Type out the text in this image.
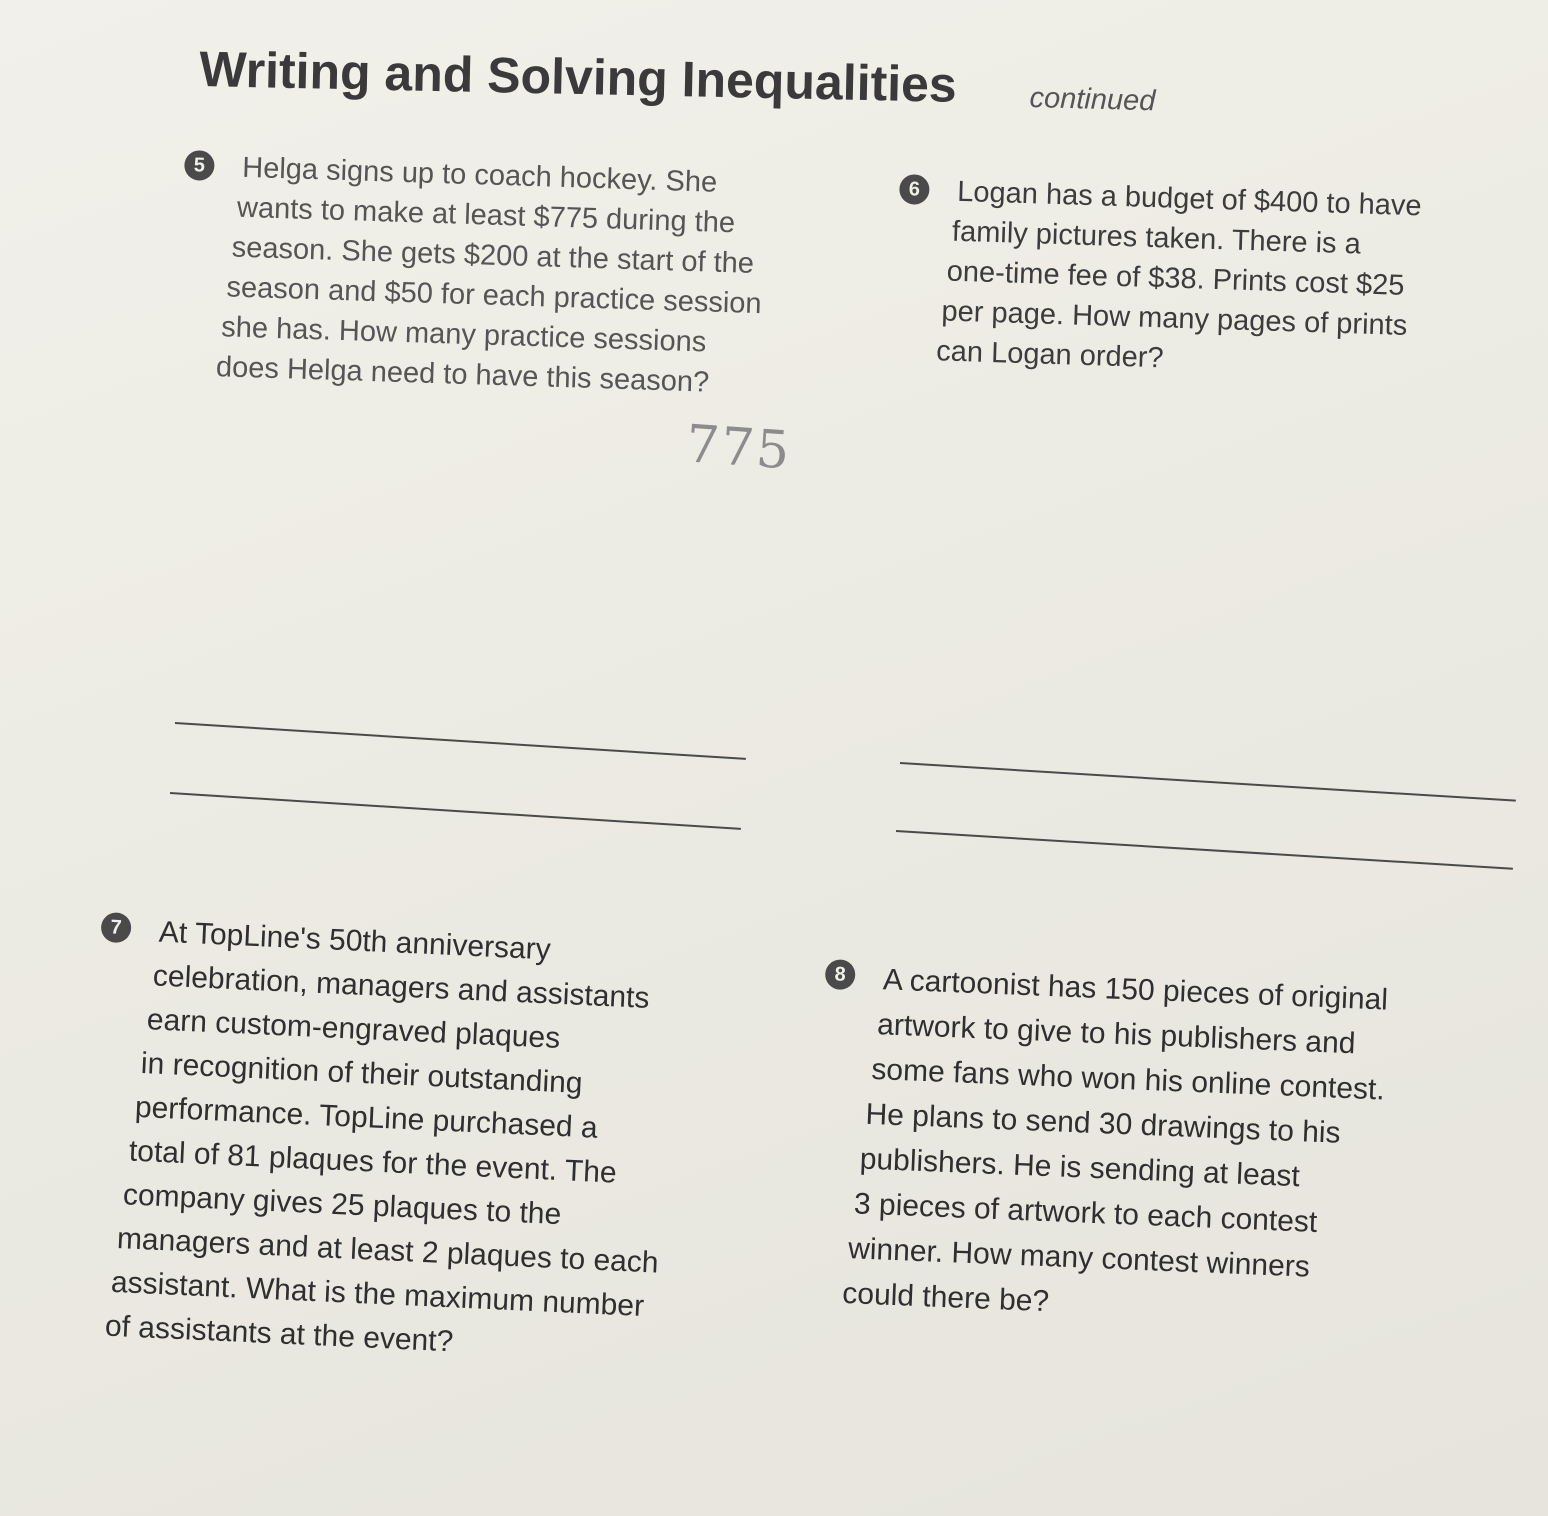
Writing and Solving Inequalities continued
5	Helga signs up to coach hockey. She
wants to make at least $775 during the
season. She gets $200 at the start of the
season and $50 for each practice session
she has. How many practice sessions
does Helga need to have this season?
775
6	Logan has a budget of $400 to have
family pictures taken. There is a
one-time fee of $38. Prints cost $25
per page. How many pages of prints
can Logan order?
7	At TopLine's 50th anniversary
celebration, managers and assistants
earn custom-engraved plaques
in recognition of their outstanding
performance. TopLine purchased a
total of 81 plaques for the event. The
company gives 25 plaques to the
managers and at least 2 plaques to each
assistant. What is the maximum number
of assistants at the event?
8	A cartoonist has 150 pieces of original
artwork to give to his publishers and
some fans who won his online contest.
He plans to send 30 drawings to his
publishers. He is sending at least
3 pieces of artwork to each contest
winner. How many contest winners
could there be?
